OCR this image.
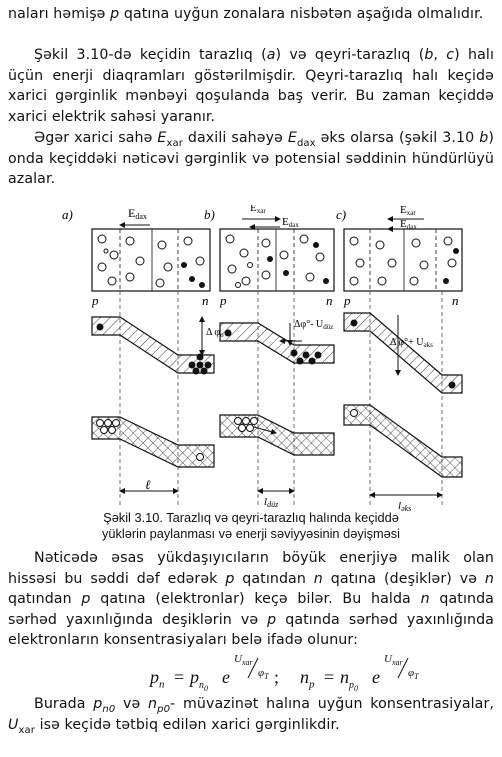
naları həmişə p qatına uyğun zonalara nisbətən aşağıda olmalıdır.
Şəkil 3.10-də keçidin tarazlıq (a) və qeyri-tarazlıq (b, c) halı üçün enerji diaqramları göstərilmişdir. Qeyri-tarazlıq halı keçidə xarici gərginlik mənbəyi qoşulanda baş verir. Bu zaman keçiddə xarici elektrik sahəsi yaranır.
Əgər xarici sahə $E_{xar}$ daxili sahəyə $E_{dax}$ əks olarsa (şəkil 3.10 b) onda keçiddəki nəticəvi gərginlik və potensial səddinin hündürlüyü azalar.
a)	Edax
p	n
Δ φ
ℓ
b)	Exar
Edax
p	n
Δφ°- $U_{düz}$
ldüz
c)	Exar
Edax
p	n
Δ $\varphi^\circ+ U_{əks}$
ləks
Şəkil 3.10. Tarazlıq və qeyri-tarazlıq halında keçiddə
yüklərin paylanması və enerji səviyyəsinin dəyişməsi
Nəticədə əsas yükdaşıyıcıların böyük enerjiyə malik olan hissəsi bu səddi dəf edərək p qatından n qatına (deşiklər) və n qatından p qatına (elektronlar) keçə bilər. Bu halda n qatında sərhəd yaxınlığında deşiklərin və p qatında sərhəd yaxınlığında elektronların konsentrasiyaları belə ifadə olunur:
$p_n$ =  $p_{n_0}$
e
$U_{xar}$
$\varphi_T$ ; $n_p = n_{p_0}$
e
$U_{xar}$
$\varphi_T$
Burada $p_{n0}$ və $n_{p0}-$ müvazinət halına uyğun konsentrasiyalar, $U_{xar}$ isə keçidə tətbiq edilən xarici gərginlikdir.
